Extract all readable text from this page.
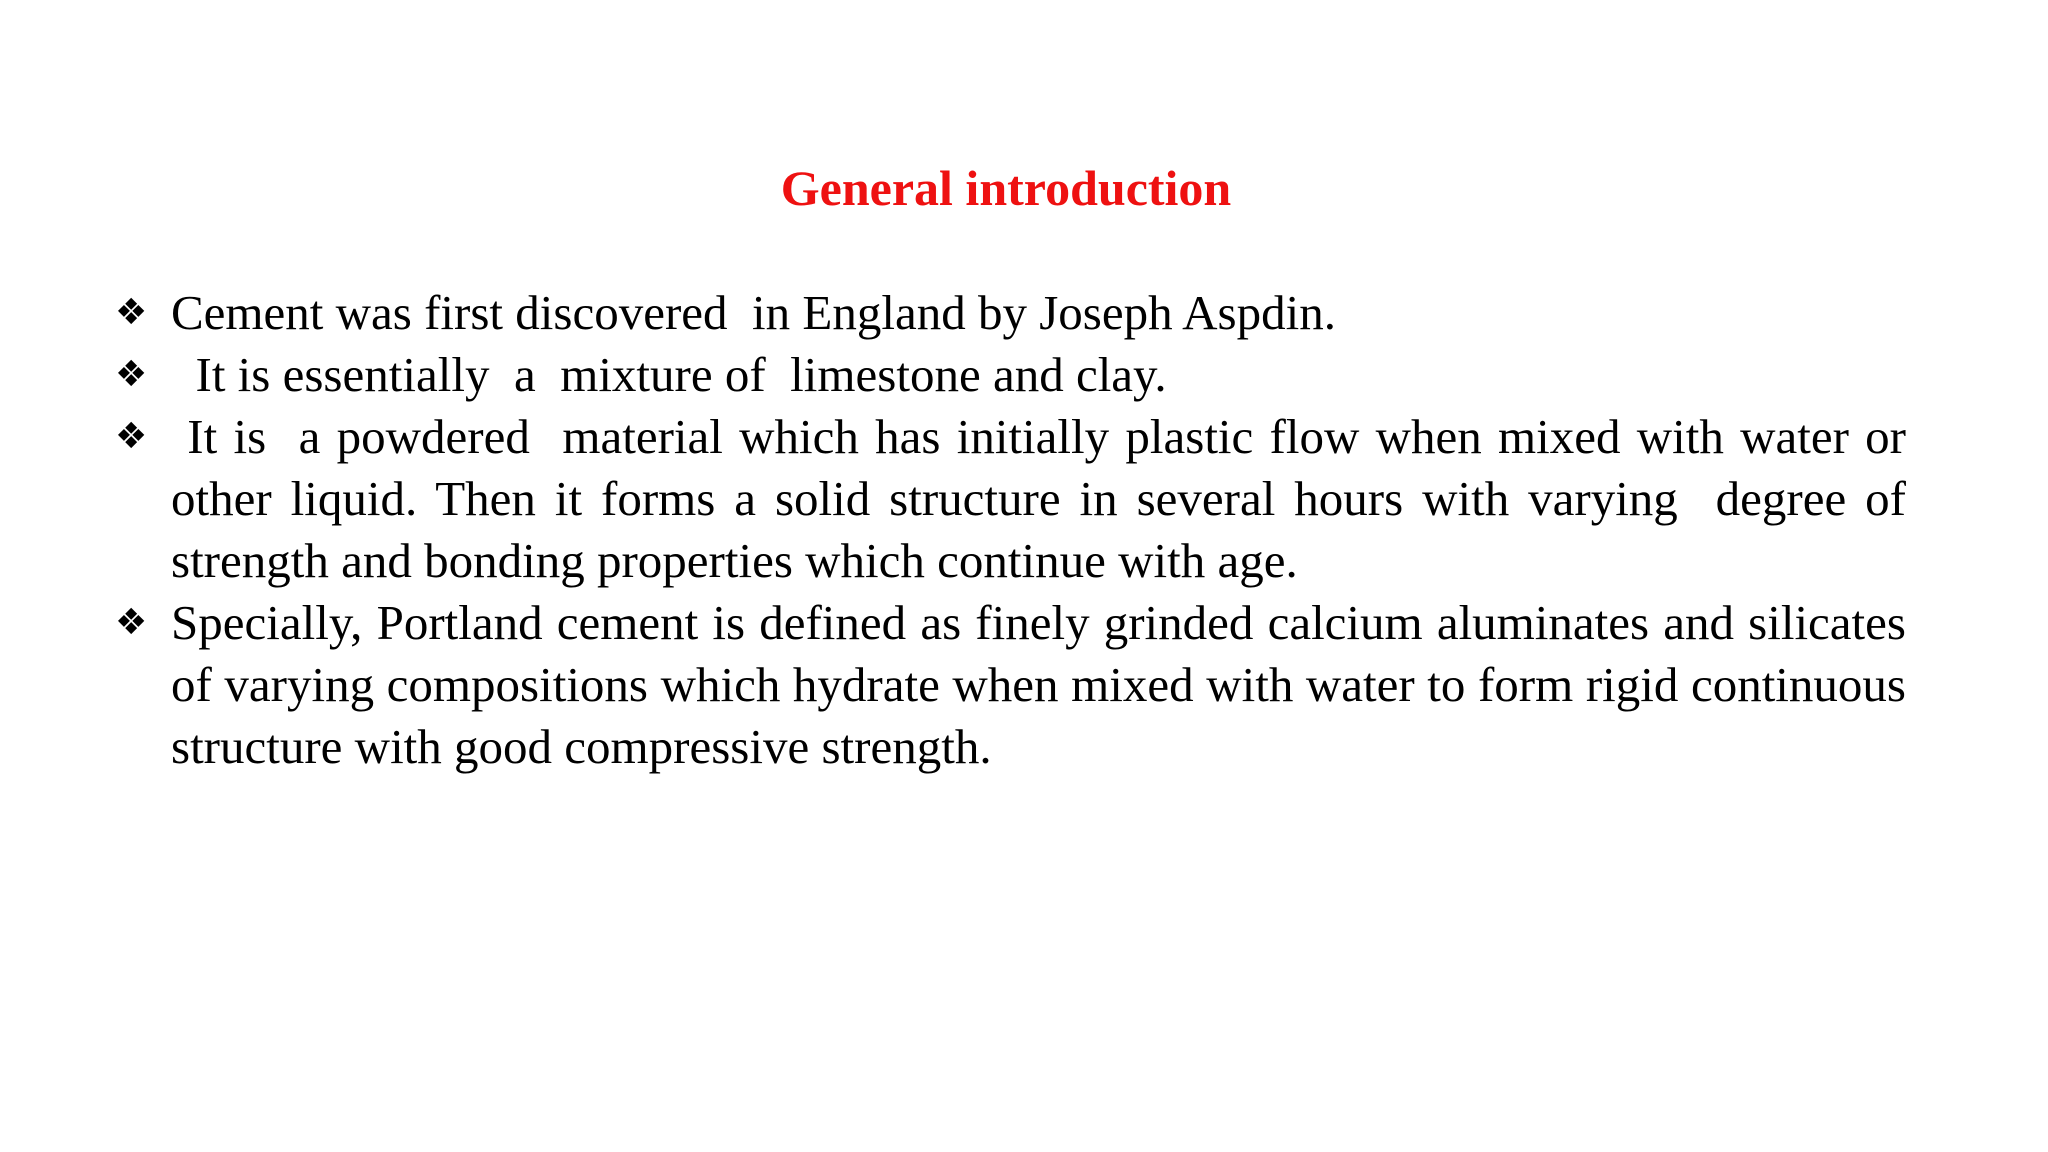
General introduction
❖ Cement was first discovered  in England by Joseph Aspdin.
❖ It is essentially  a  mixture of  limestone and clay.
❖ It is  a powdered  material which has initially plastic flow when mixed with water or other liquid. Then it forms a solid structure in several hours with varying  degree of strength and bonding properties which continue with age.
❖ Specially, Portland cement is defined as finely grinded calcium aluminates and silicates of varying compositions which hydrate when mixed with water to form rigid continuous structure with good compressive strength.
